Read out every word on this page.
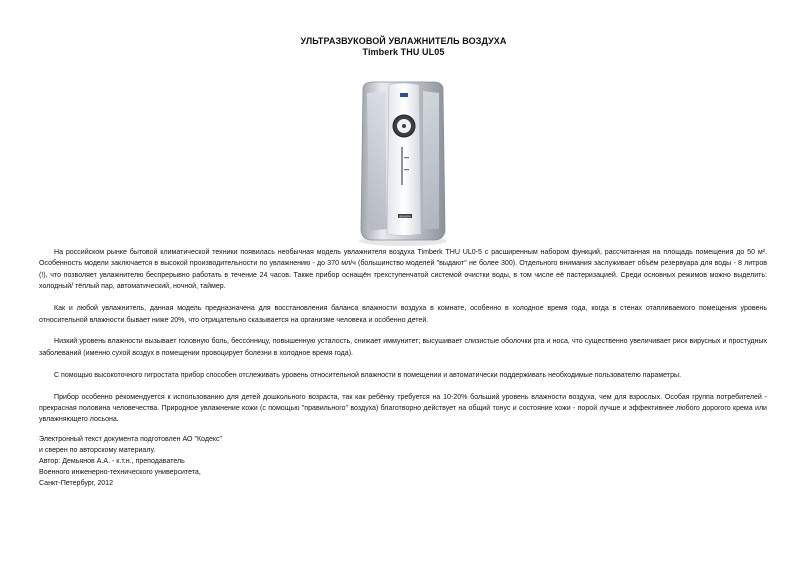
УЛЬТРАЗВУКОВОЙ УВЛАЖНИТЕЛЬ ВОЗДУХА
Timberk THU UL05
ВЕНЕРА

На российском рынке бытовой климатической техники появилась необычная модель увлажнителя воздуха Timberk THU UL0-5 с расширенным набором функций, рассчитанная на площадь помещения до 50 м². Особенность модели заключается в высокой производительности по увлажнению - до 370 мл/ч (большинство моделей "выдают" не более 300). Отдельного внимания заслуживает объём резервуара для воды - 8 литров (!), что позволяет увлажнителю беспрерывно работать в течение 24 часов. Также прибор оснащён трехступенчатой системой очистки воды, в том числе её пастеризацией. Среди основных режимов можно выделить: холодный/ тёплый пар, автоматический, ночной, таймер.

Как и любой увлажнитель, данная модель предназначена для восстановления баланса влажности воздуха в комнате, особенно в холодное время года, когда в стенах отапливаемого помещения уровень относительной влажности бывает ниже 20%, что отрицательно сказывается на организме человека и особенно детей.

Низкий уровень влажности вызывает головную боль, бессонницу, повышенную усталость, снижает иммунитет; высушивает слизистые оболочки рта и носа, что существенно увеличивает риск вирусных и простудных заболеваний (именно сухой воздух в помещении провоцирует болезни в холодное время года).

С помощью высокоточного гигростата прибор способен отслеживать уровень относительной влажности в помещении и автоматически поддерживать необходимые пользователю параметры.

Прибор особенно рекомендуется к использованию для детей дошкольного возраста, так как ребёнку требуется на 10-20% больший уровень влажности воздуха, чем для взрослых. Особая группа потребителей - прекрасная половина человечества. Природное увлажнение кожи (с помощью "правильного" воздуха) благотворно действует на общий тонус и состояние кожи - порой лучше и эффективнее любого дорогого крема или увлажняющего лосьона.

Электронный текст документа подготовлен АО "Кодекс"
и сверен по авторскому материалу.
Автор: Демьянов А.А. - к.т.н., преподаватель
Военного инженерно-технического университета,
Санкт-Петербург, 2012
